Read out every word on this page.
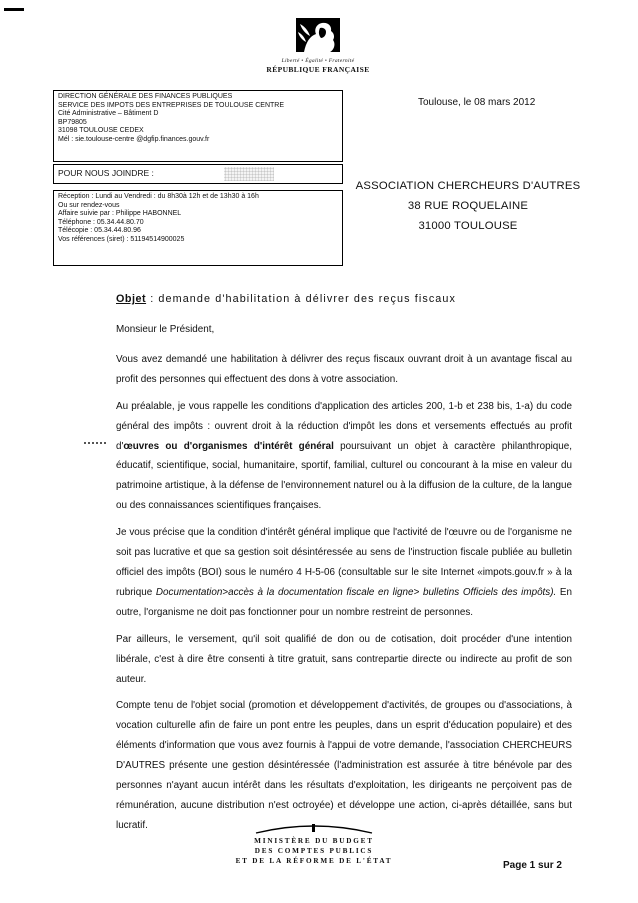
Liberté • Égalité • Fraternité
RÉPUBLIQUE FRANÇAISE
DIRECTION GÉNÉRALE DES FINANCES PUBLIQUES
SERVICE DES IMPOTS DES ENTREPRISES DE TOULOUSE CENTRE
Cité Administrative – Bâtiment D
BP79805
31098 TOULOUSE CEDEX
Mél : sie.toulouse-centre @dgfip.finances.gouv.fr
POUR NOUS JOINDRE :
Réception : Lundi au Vendredi : du 8h30à 12h et de 13h30 à 16h
Ou sur rendez-vous
Affaire suivie par : Philippe HABONNEL
Téléphone : 05.34.44.80.70
Télécopie : 05.34.44.80.96
Vos références (siret) : 51194514900025
Toulouse, le 08 mars 2012
ASSOCIATION CHERCHEURS D'AUTRES
38 RUE ROQUELAINE
31000 TOULOUSE
Objet : demande d'habilitation à délivrer des reçus fiscaux

Monsieur le Président,

Vous avez demandé une habilitation à délivrer des reçus fiscaux ouvrant droit à un avantage fiscal au profit des personnes qui effectuent des dons à votre association.

Au préalable, je vous rappelle les conditions d'application des articles 200, 1-b et 238 bis, 1-a) du code général des impôts : ouvrent droit à la réduction d'impôt les dons et versements effectués au profit d'œuvres ou d'organismes d'intérêt général poursuivant un objet à caractère philanthropique, éducatif, scientifique, social, humanitaire, sportif, familial, culturel ou concourant à la mise en valeur du patrimoine artistique, à la défense de l'environnement naturel ou à la diffusion de la culture, de la langue ou des connaissances scientifiques françaises.

Je vous précise que la condition d'intérêt général implique que l'activité de l'œuvre ou de l'organisme ne soit pas lucrative et que sa gestion soit désintéressée au sens de l'instruction fiscale publiée au bulletin officiel des impôts (BOI) sous le numéro 4 H-5-06 (consultable sur le site Internet «impots.gouv.fr » à la rubrique Documentation>accès à la documentation fiscale en ligne> bulletins Officiels des impôts). En outre, l'organisme ne doit pas fonctionner pour un nombre restreint de personnes.

Par ailleurs, le versement, qu'il soit qualifié de don ou de cotisation, doit procéder d'une intention libérale, c'est à dire être consenti à titre gratuit, sans contrepartie directe ou indirecte au profit de son auteur.

Compte tenu de l'objet social (promotion et développement d'activités, de groupes ou d'associations, à vocation culturelle afin de faire un pont entre les peuples, dans un esprit d'éducation populaire) et des éléments d'information que vous avez fournis à l'appui de votre demande, l'association CHERCHEURS D'AUTRES présente une gestion désintéressée (l'administration est assurée à titre bénévole par des personnes n'ayant aucun intérêt dans les résultats d'exploitation, les dirigeants ne perçoivent pas de rémunération, aucune distribution n'est octroyée) et développe une action, ci-après détaillée, sans but lucratif.

MINISTÈRE DU BUDGET
DES COMPTES PUBLICS
ET DE LA RÉFORME DE L'ÉTAT	Page 1 sur 2
